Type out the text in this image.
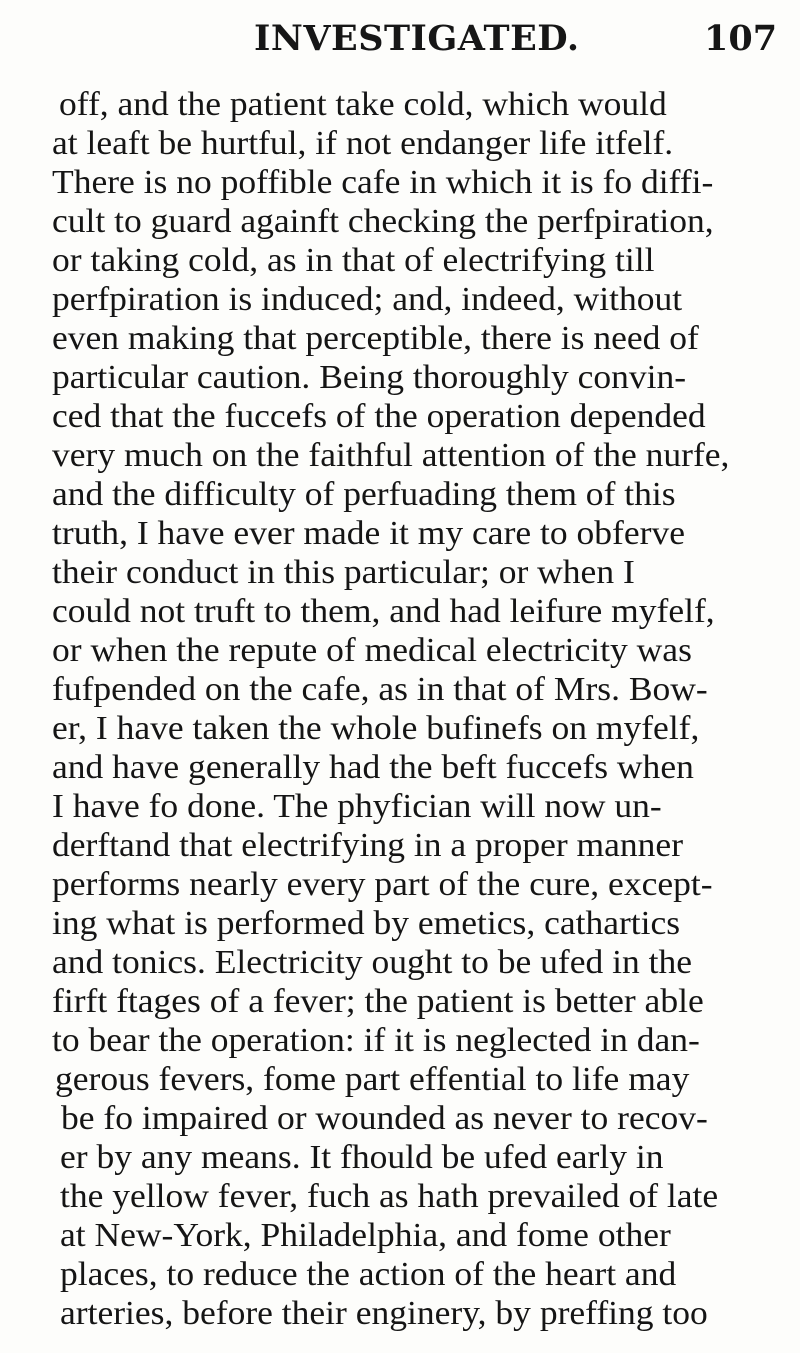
INVESTIGATED.	107
off, and the patient take cold, which would
at leaft be hurtful, if not endanger life itfelf.
There is no poffible cafe in which it is fo diffi-
cult to guard againft checking the perfpiration,
or taking cold, as in that of electrifying till
perfpiration is induced; and, indeed, without
even making that perceptible, there is need of
particular caution. Being thoroughly convin-
ced that the fuccefs of the operation depended
very much on the faithful attention of the nurfe,
and the difficulty of perfuading them of this
truth, I have ever made it my care to obferve
their conduct in this particular; or when I
could not truft to them, and had leifure myfelf,
or when the repute of medical electricity was
fufpended on the cafe, as in that of Mrs. Bow-
er, I have taken the whole bufinefs on myfelf,
and have generally had the beft fuccefs when
I have fo done. The phyfician will now un-
derftand that electrifying in a proper manner
performs nearly every part of the cure, except-
ing what is performed by emetics, cathartics
and tonics. Electricity ought to be ufed in the
firft ftages of a fever; the patient is better able
to bear the operation: if it is neglected in dan-
gerous fevers, fome part effential to life may
be fo impaired or wounded as never to recov-
er by any means. It fhould be ufed early in
the yellow fever, fuch as hath prevailed of late
at New-York, Philadelphia, and fome other
places, to reduce the action of the heart and
arteries, before their enginery, by preffing too
